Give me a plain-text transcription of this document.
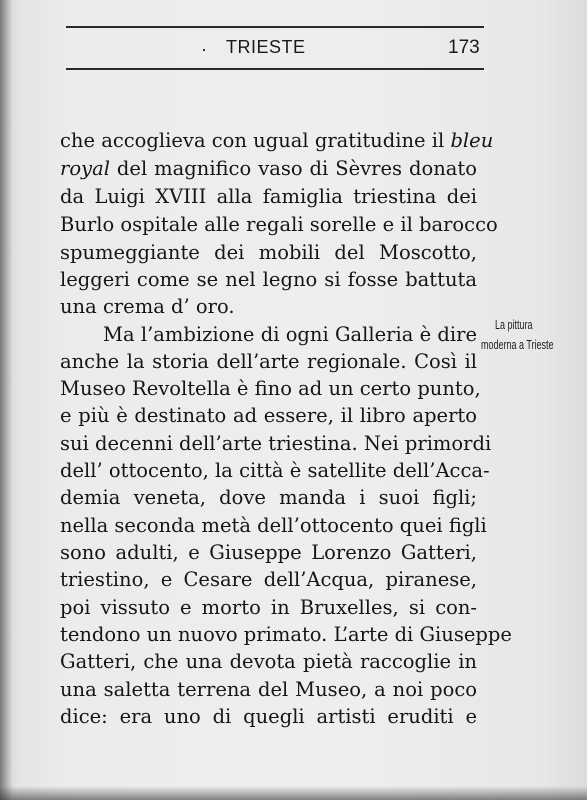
TRIESTE	173
La pittura
moderna a Trieste
che accoglieva con ugual gratitudine il bleu
royal del magnifico vaso di Sèvres donato
da Luigi XVIII alla famiglia triestina dei
Burlo ospitale alle regali sorelle e il barocco
spumeggiante dei mobili del Moscotto,
leggeri come se nel legno si fosse battuta
una crema d’ oro.
Ma l’ambizione di ogni Galleria è dire
anche la storia dell’arte regionale. Così il
Museo Revoltella è fino ad un certo punto,
e più è destinato ad essere, il libro aperto
sui decenni dell’arte triestina. Nei primordi
dell’ ottocento, la città è satellite dell’Acca-
demia veneta, dove manda i suoi figli;
nella seconda metà dell’ottocento quei figli
sono adulti, e Giuseppe Lorenzo Gatteri,
triestino, e Cesare dell’Acqua, piranese,
poi vissuto e morto in Bruxelles, si con-
tendono un nuovo primato. L’arte di Giuseppe
Gatteri, che una devota pietà raccoglie in
una saletta terrena del Museo, a noi poco
dice: era uno di quegli artisti eruditi e
